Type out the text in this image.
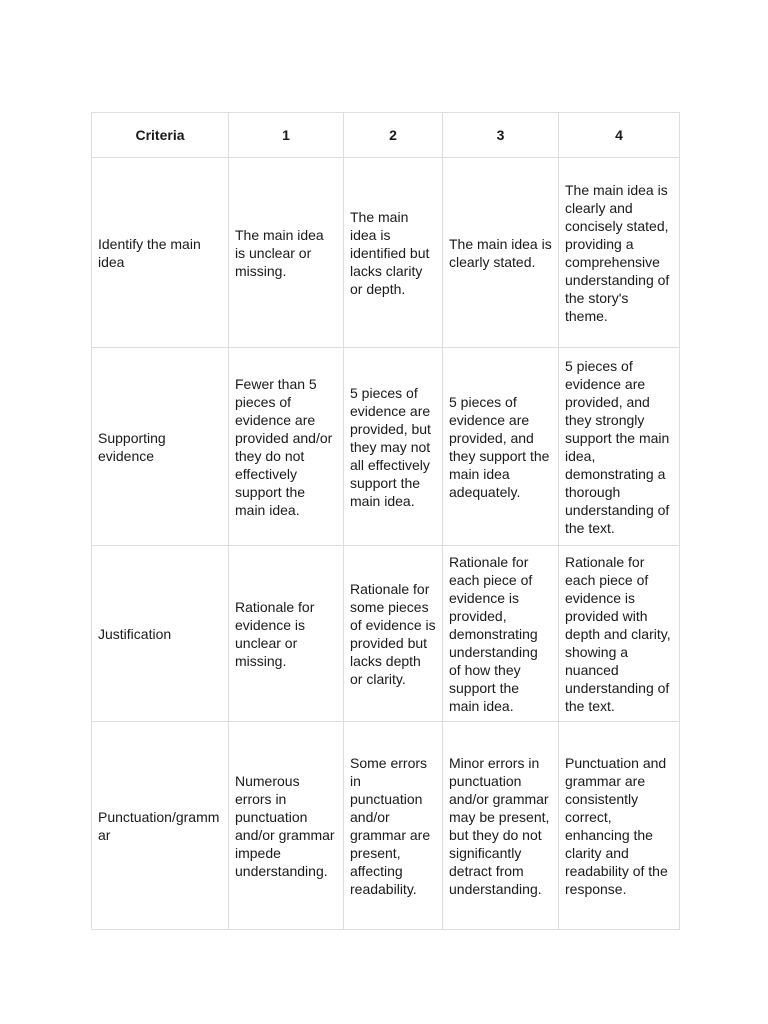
Criteria	1	2	3	4
Identify the main idea	The main idea is unclear or missing.	The main idea is identified but lacks clarity or depth.	The main idea is clearly stated.	The main idea is clearly and concisely stated, providing a comprehensive understanding of the story's theme.
Supporting evidence	Fewer than 5 pieces of evidence are provided and/or they do not effectively support the main idea.	5 pieces of evidence are provided, but they may not all effectively support the main idea.	5 pieces of evidence are provided, and they support the main idea adequately.	5 pieces of evidence are provided, and they strongly support the main idea, demonstrating a thorough understanding of the text.
Justification	Rationale for evidence is unclear or missing.	Rationale for some pieces of evidence is provided but lacks depth or clarity.	Rationale for each piece of evidence is provided, demonstrating understanding of how they support the main idea.	Rationale for each piece of evidence is provided with depth and clarity, showing a nuanced understanding of the text.
Punctuation/grammar	Numerous errors in punctuation and/or grammar impede understanding.	Some errors in punctuation and/or grammar are present, affecting readability.	Minor errors in punctuation and/or grammar may be present, but they do not significantly detract from understanding.	Punctuation and grammar are consistently correct, enhancing the clarity and readability of the response.
